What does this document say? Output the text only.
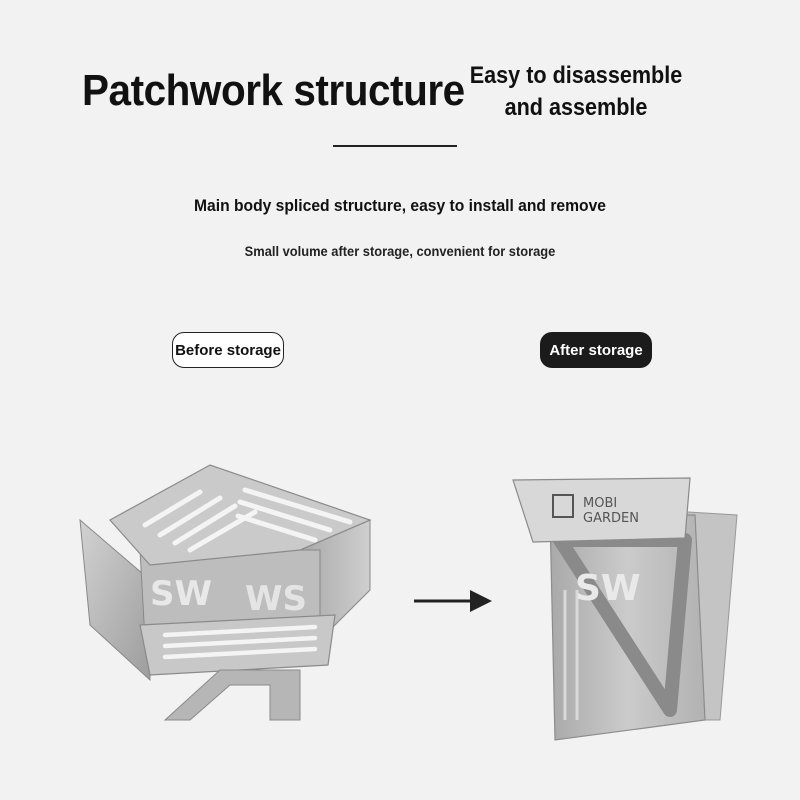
Patchwork structure Easy to disassemble and assemble
Main body spliced structure, easy to install and remove
Small volume after storage, convenient for storage
Before storage	After storage
SW WS	SW
MOBI
GARDEN
